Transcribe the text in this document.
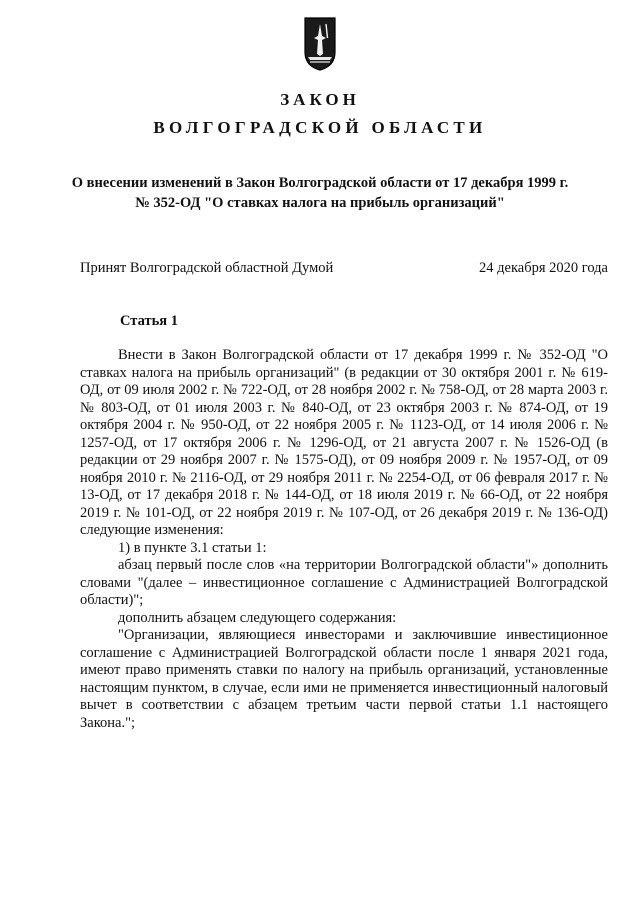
ЗАКОН
ВОЛГОГРАДСКОЙ ОБЛАСТИ
О внесении изменений в Закон Волгоградской области от 17 декабря 1999 г.
№ 352-ОД "О ставках налога на прибыль организаций"
Принят Волгоградской областной Думой	24 декабря 2020 года
Статья 1

Внести в Закон Волгоградской области от 17 декабря 1999 г. № 352-ОД "О ставках налога на прибыль организаций" (в редакции от 30 октября 2001 г. № 619-ОД, от 09 июля 2002 г. № 722-ОД, от 28 ноября 2002 г. № 758-ОД, от 28 марта 2003 г. № 803-ОД, от 01 июля 2003 г. № 840-ОД, от 23 октября 2003 г. № 874-ОД, от 19 октября 2004 г. № 950-ОД, от 22 ноября 2005 г. № 1123-ОД, от 14 июля 2006 г. № 1257-ОД, от 17 октября 2006 г. № 1296-ОД, от 21 августа 2007 г. № 1526-ОД (в редакции от 29 ноября 2007 г. № 1575-ОД), от 09 ноября 2009 г. № 1957-ОД, от 09 ноября 2010 г. № 2116-ОД, от 29 ноября 2011 г. № 2254-ОД, от 06 февраля 2017 г. № 13-ОД, от 17 декабря 2018 г. № 144-ОД, от 18 июля 2019 г. № 66-ОД, от 22 ноября 2019 г. № 101-ОД, от 22 ноября 2019 г. № 107-ОД, от 26 декабря 2019 г. № 136-ОД) следующие изменения:

1) в пункте 3.1 статьи 1:

абзац первый после слов «на территории Волгоградской области"» дополнить словами "(далее – инвестиционное соглашение с Администрацией Волгоградской области)";

дополнить абзацем следующего содержания:

"Организации, являющиеся инвесторами и заключившие инвестиционное соглашение с Администрацией Волгоградской области после 1 января 2021 года, имеют право применять ставки по налогу на прибыль организаций, установленные настоящим пунктом, в случае, если ими не применяется инвестиционный налоговый вычет в соответствии с абзацем третьим части первой статьи 1.1 настоящего Закона.";
